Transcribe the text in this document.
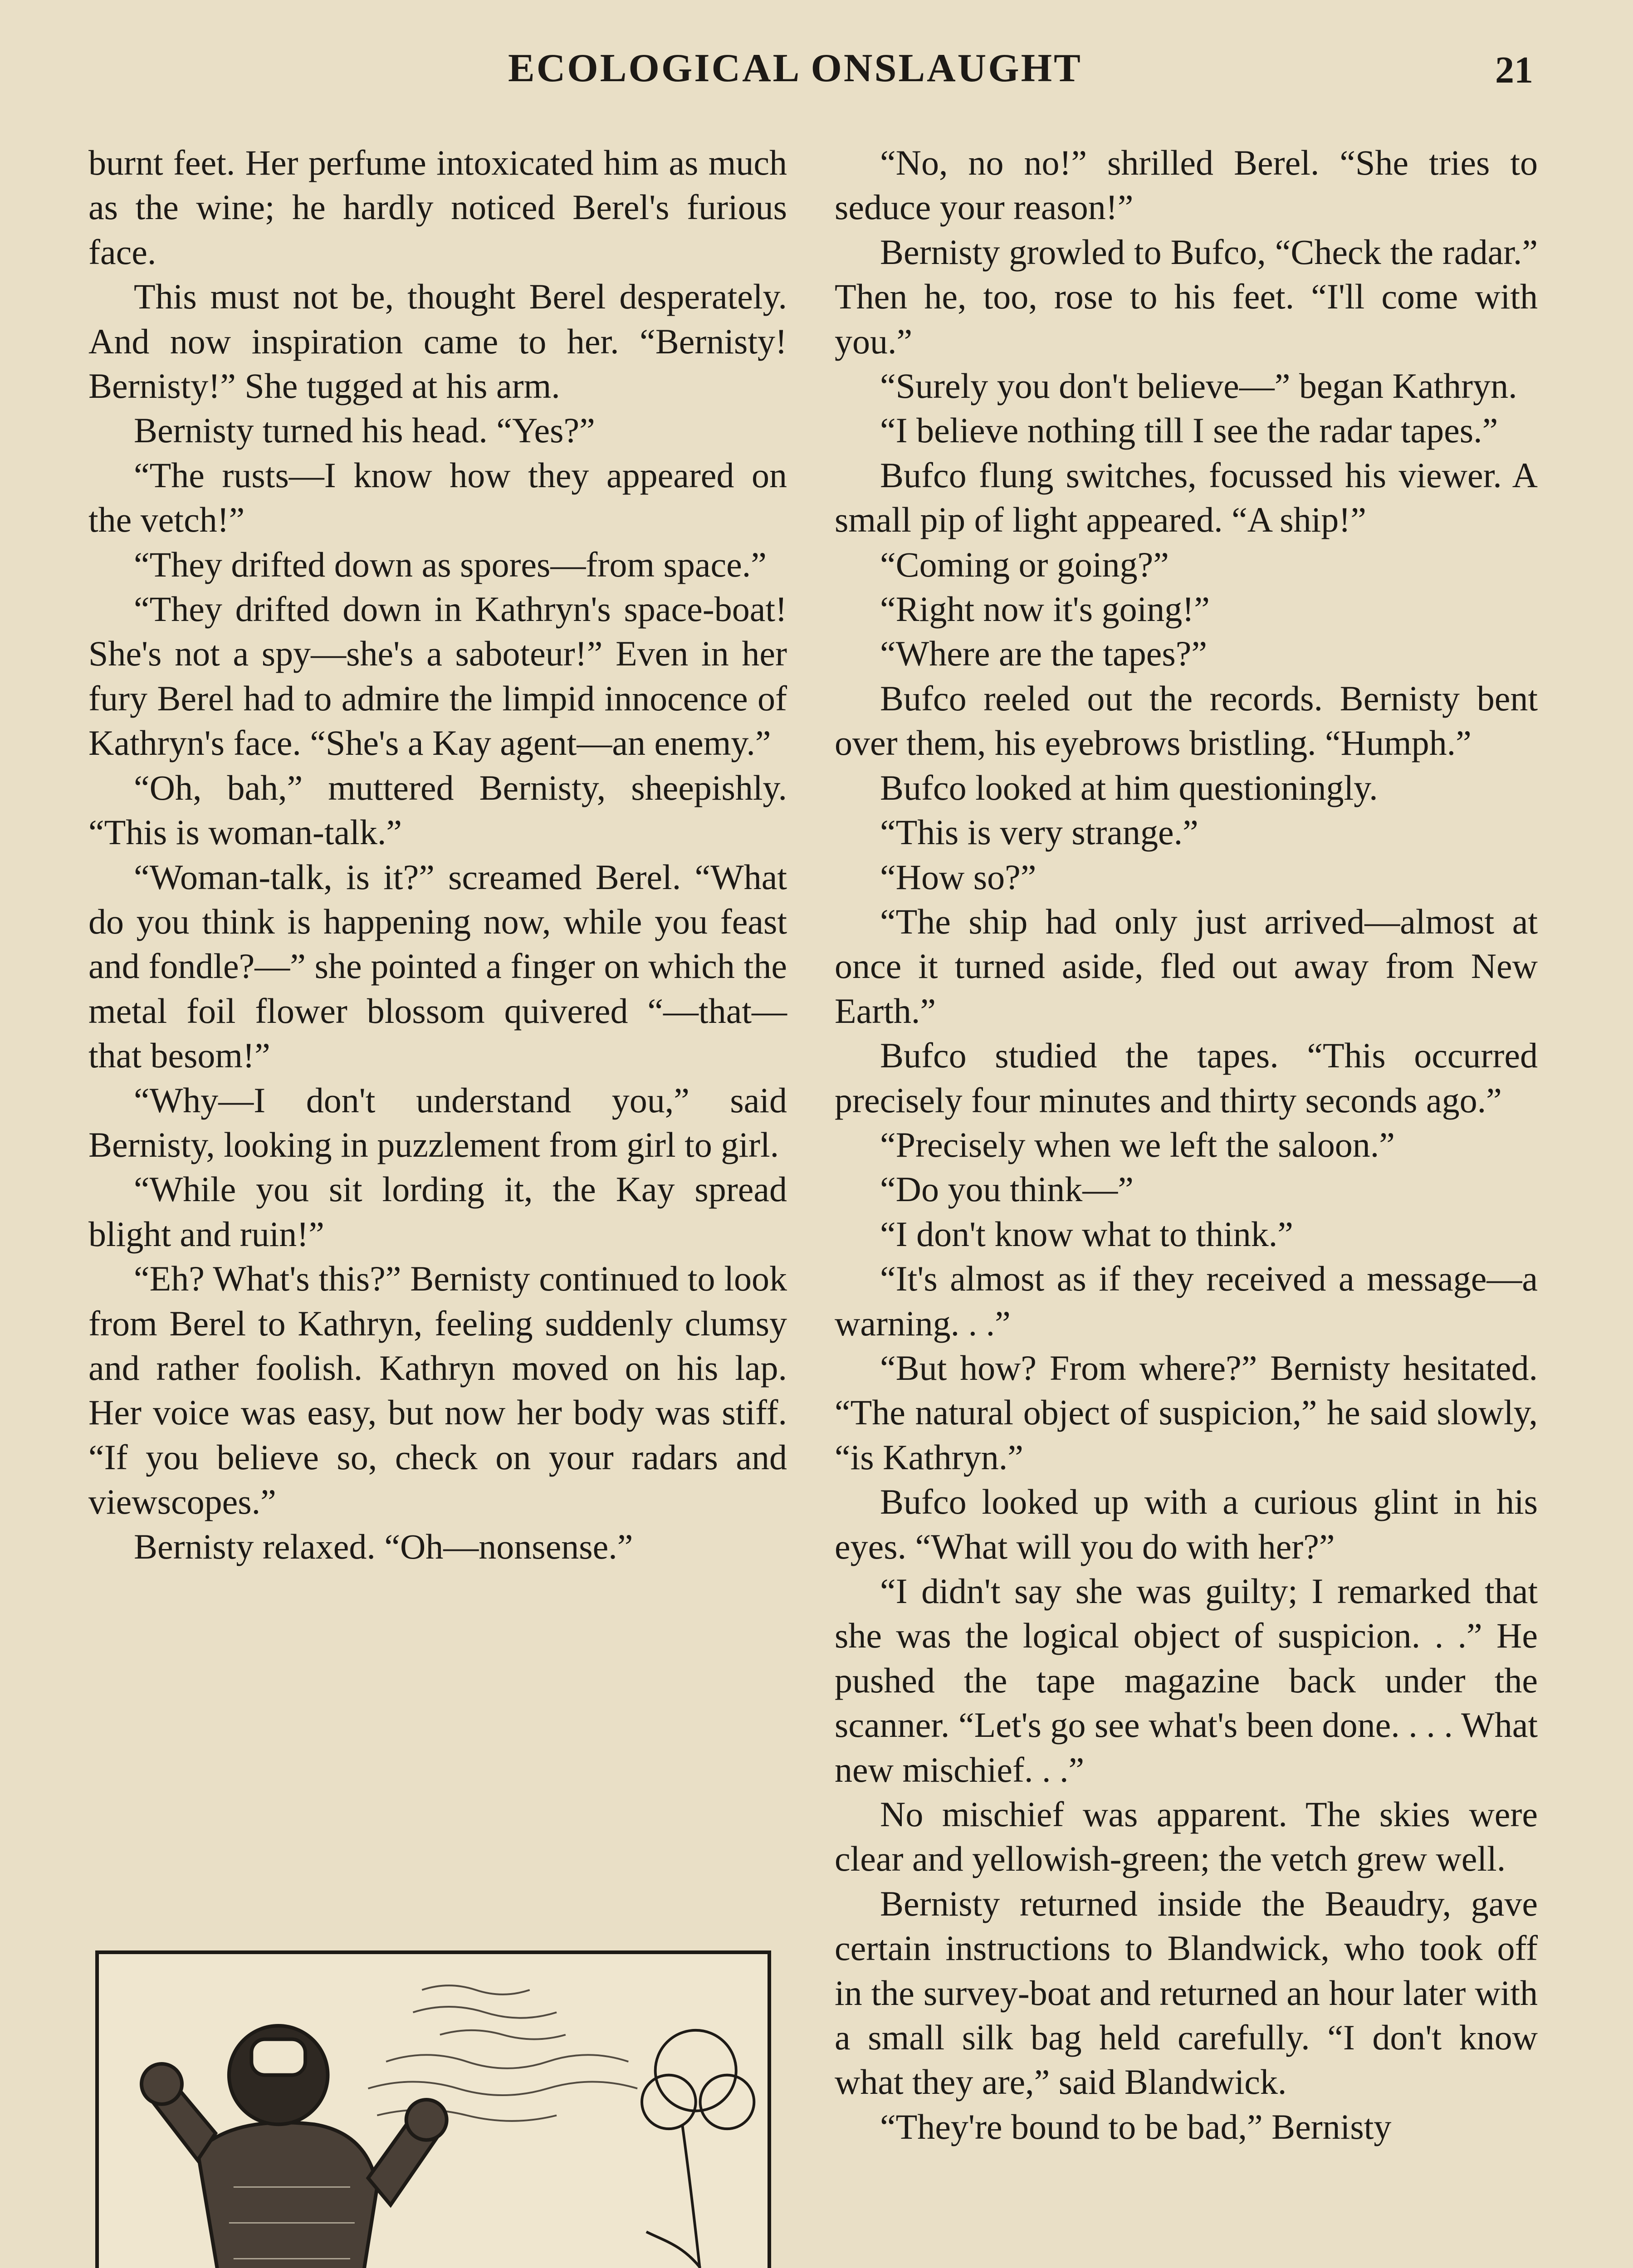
ECOLOGICAL ONSLAUGHT	21

burnt feet. Her perfume intoxicated him as much as the wine; he hardly noticed Berel's furious face.

This must not be, thought Berel desperately. And now inspiration came to her. “Bernisty! Bernisty!” She tugged at his arm.

Bernisty turned his head. “Yes?”

“The rusts—I know how they appeared on the vetch!”

“They drifted down as spores—from space.”

“They drifted down in Kathryn's space-boat! She's not a spy—she's a saboteur!” Even in her fury Berel had to admire the limpid innocence of Kathryn's face. “She's a Kay agent—an enemy.”

“Oh, bah,” muttered Bernisty, sheepishly. “This is woman-talk.”

“Woman-talk, is it?” screamed Berel. “What do you think is happening now, while you feast and fondle?—” she pointed a finger on which the metal foil flower blossom quivered “—that—that besom!”

“Why—I don't understand you,” said Bernisty, looking in puzzlement from girl to girl.

“While you sit lording it, the Kay spread blight and ruin!”

“Eh? What's this?” Bernisty continued to look from Berel to Kathryn, feeling suddenly clumsy and rather foolish. Kathryn moved on his lap. Her voice was easy, but now her body was stiff. “If you believe so, check on your radars and viewscopes.”

Bernisty relaxed. “Oh—nonsense.”

“No, no no!” shrilled Berel. “She tries to seduce your reason!”

Bernisty growled to Bufco, “Check the radar.” Then he, too, rose to his feet. “I'll come with you.”

“Surely you don't believe—” began Kathryn.

“I believe nothing till I see the radar tapes.”

Bufco flung switches, focussed his viewer. A small pip of light appeared. “A ship!”

“Coming or going?”

“Right now it's going!”

“Where are the tapes?”

Bufco reeled out the records. Bernisty bent over them, his eyebrows bristling. “Humph.”

Bufco looked at him questioningly.

“This is very strange.”

“How so?”

“The ship had only just arrived—almost at once it turned aside, fled out away from New Earth.”

Bufco studied the tapes. “This occurred precisely four minutes and thirty seconds ago.”

“Precisely when we left the saloon.”

“Do you think—”

“I don't know what to think.”

“It's almost as if they received a message—a warning. . .”

“But how? From where?” Bernisty hesitated. “The natural object of suspicion,” he said slowly, “is Kathryn.”

Bufco looked up with a curious glint in his eyes. “What will you do with her?”

“I didn't say she was guilty; I remarked that she was the logical object of suspicion. . .” He pushed the tape magazine back under the scanner. “Let's go see what's been done. . . . What new mischief. . .”

No mischief was apparent. The skies were clear and yellowish-green; the vetch grew well.

Bernisty returned inside the Beaudry, gave certain instructions to Blandwick, who took off in the survey-boat and returned an hour later with a small silk bag held carefully. “I don't know what they are,” said Blandwick.

“They're bound to be bad,” Bernisty
